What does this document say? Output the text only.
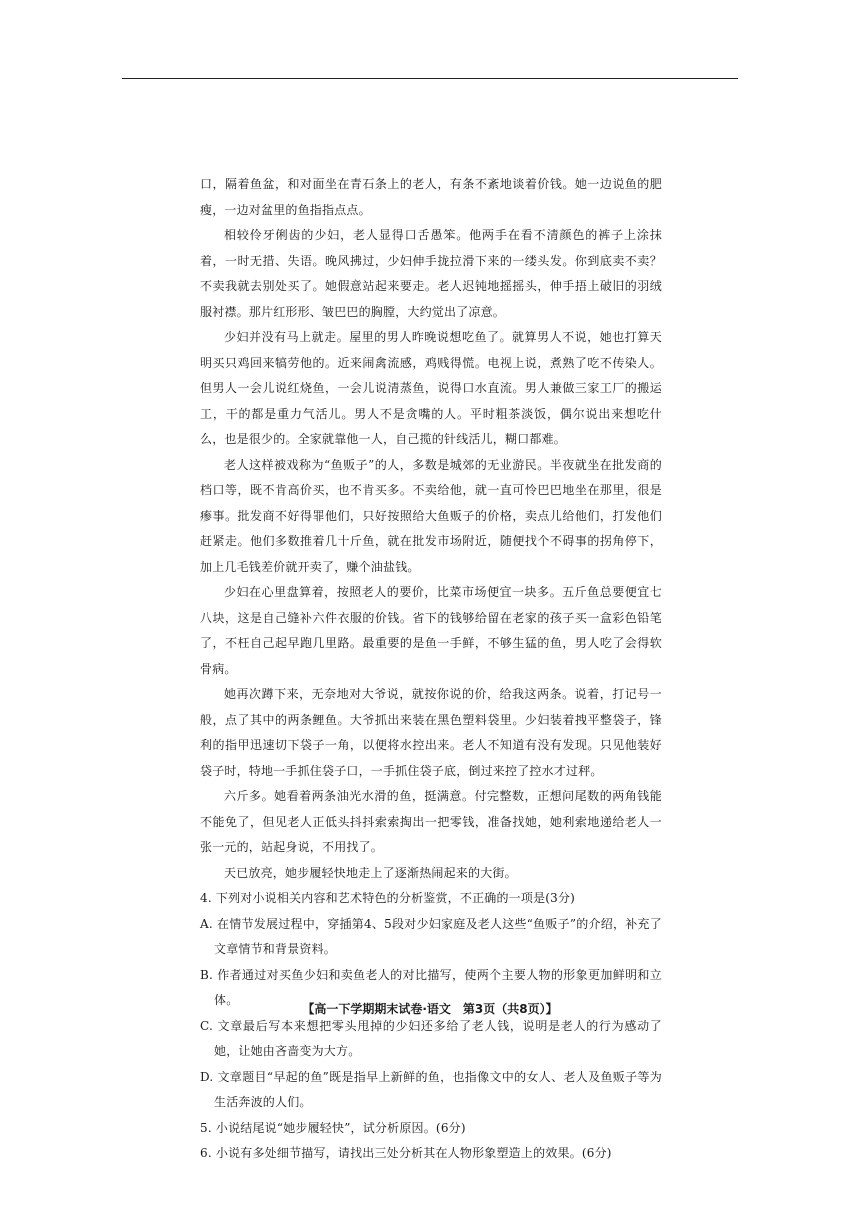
口，隔着鱼盆，和对面坐在青石条上的老人，有条不紊地谈着价钱。她一边说鱼的肥瘦，一边对盆里的鱼指指点点。

相较伶牙俐齿的少妇，老人显得口舌愚笨。他两手在看不清颜色的裤子上涂抹着，一时无措、失语。晚风拂过，少妇伸手拢拉滑下来的一缕头发。你到底卖不卖？不卖我就去别处买了。她假意站起来要走。老人迟钝地摇摇头，伸手捂上破旧的羽绒服衬襟。那片红形形、皱巴巴的胸膛，大约觉出了凉意。

少妇并没有马上就走。屋里的男人昨晚说想吃鱼了。就算男人不说，她也打算天明买只鸡回来犒劳他的。近来闹禽流感，鸡贱得慌。电视上说，煮熟了吃不传染人。但男人一会儿说红烧鱼，一会儿说清蒸鱼，说得口水直流。男人兼做三家工厂的搬运工，干的都是重力气活儿。男人不是贪嘴的人。平时粗茶淡饭，偶尔说出来想吃什么，也是很少的。全家就靠他一人，自己揽的针线活儿，糊口都难。

老人这样被戏称为“鱼贩子”的人，多数是城郊的无业游民。半夜就坐在批发商的档口等，既不肯高价买，也不肯买多。不卖给他，就一直可怜巴巴地坐在那里，很是瘆事。批发商不好得罪他们，只好按照给大鱼贩子的价格，卖点儿给他们，打发他们赶紧走。他们多数推着几十斤鱼，就在批发市场附近，随便找个不碍事的拐角停下，加上几毛钱差价就开卖了，赚个油盐钱。

少妇在心里盘算着，按照老人的要价，比菜市场便宜一块多。五斤鱼总要便宜七八块，这是自己缝补六件衣服的价钱。省下的钱够给留在老家的孩子买一盒彩色铅笔了，不枉自己起早跑几里路。最重要的是鱼一手鲜，不够生猛的鱼，男人吃了会得软骨病。

她再次蹲下来，无奈地对大爷说，就按你说的价，给我这两条。说着，打记号一般，点了其中的两条鲤鱼。大爷抓出来装在黑色塑料袋里。少妇装着拽平整袋子，锋利的指甲迅速切下袋子一角，以便将水控出来。老人不知道有没有发现。只见他装好袋子时，特地一手抓住袋子口，一手抓住袋子底，倒过来控了控水才过秤。

六斤多。她看着两条油光水滑的鱼，挺满意。付完整数，正想问尾数的两角钱能不能免了，但见老人正低头抖抖索索掏出一把零钱，准备找她，她利索地递给老人一张一元的，站起身说，不用找了。

天已放亮，她步履轻快地走上了逐渐热闹起来的大街。

4. 下列对小说相关内容和艺术特色的分析鉴赏，不正确的一项是(3分)

A. 在情节发展过程中，穿插第4、5段对少妇家庭及老人这些“鱼贩子”的介绍，补充了文章情节和背景资料。

B. 作者通过对买鱼少妇和卖鱼老人的对比描写，使两个主要人物的形象更加鲜明和立体。

C. 文章最后写本来想把零头甩掉的少妇还多给了老人钱，说明是老人的行为感动了她，让她由吝啬变为大方。

D. 文章题目“早起的鱼”既是指早上新鲜的鱼，也指像文中的女人、老人及鱼贩子等为生活奔波的人们。

5. 小说结尾说“她步履轻快”，试分析原因。(6分)

6. 小说有多处细节描写，请找出三处分析其在人物形象塑造上的效果。(6分)

【高一下学期期末试卷·语文　第3页（共8页）】
